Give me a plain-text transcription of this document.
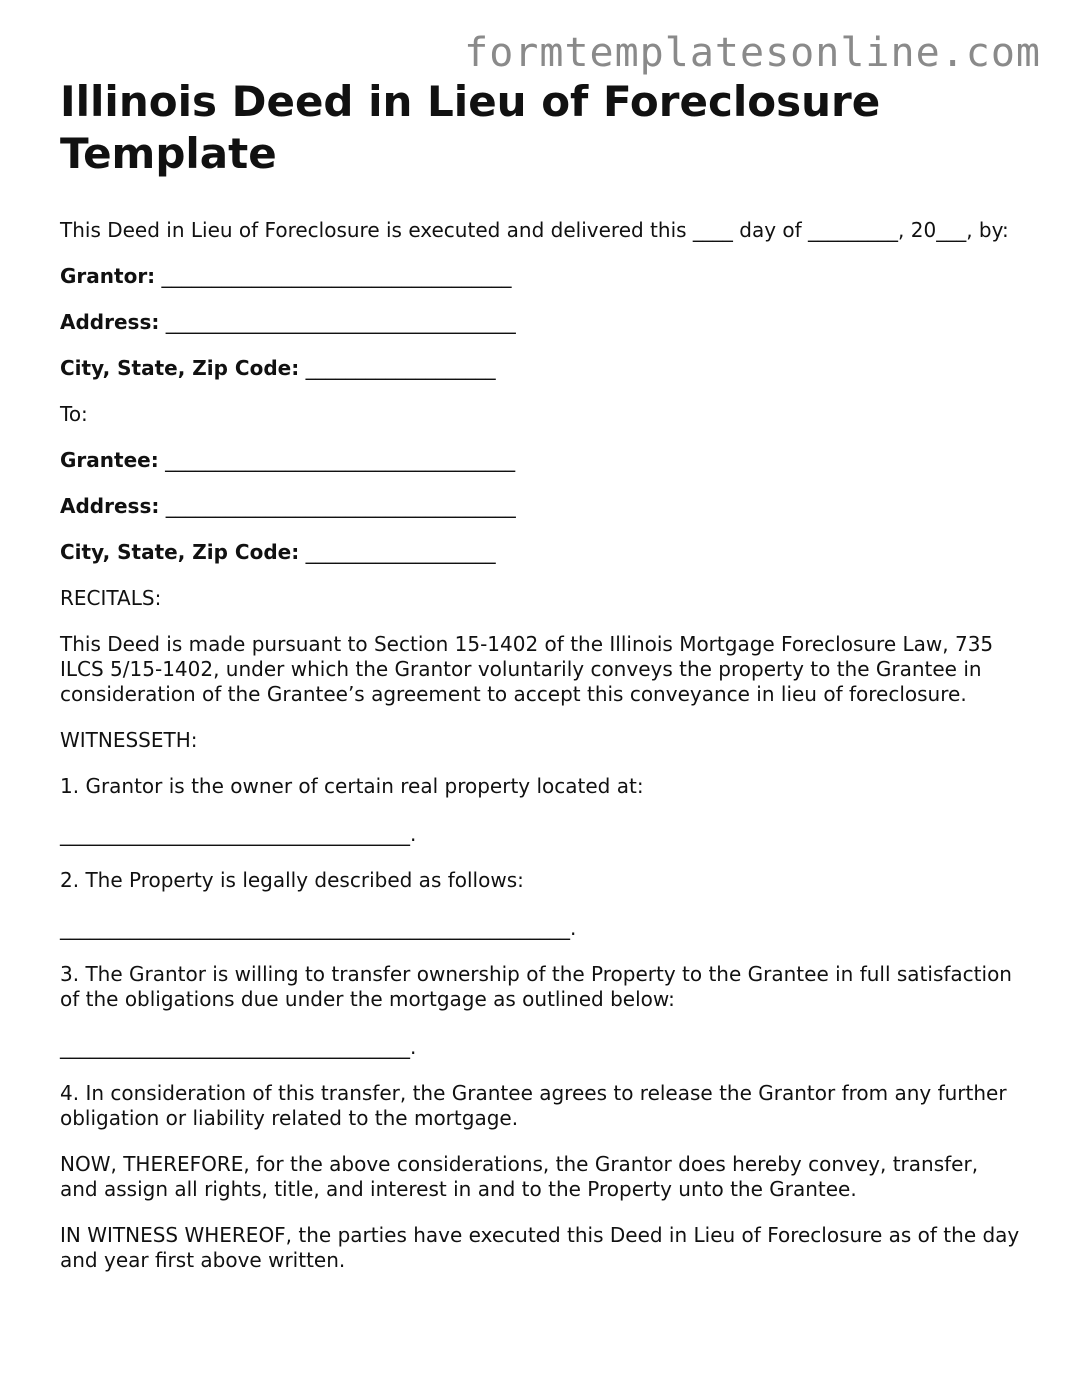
formtemplatesonline.com
Illinois Deed in Lieu of Foreclosure Template

This Deed in Lieu of Foreclosure is executed and delivered this ____ day of _________, 20___, by:

Grantor: ___________________________________

Address: ___________________________________

City, State, Zip Code: ___________________

To:

Grantee: ___________________________________

Address: ___________________________________

City, State, Zip Code: ___________________

RECITALS:

This Deed is made pursuant to Section 15-1402 of the Illinois Mortgage Foreclosure Law, 735 ILCS 5/15-1402, under which the Grantor voluntarily conveys the property to the Grantee in consideration of the Grantee’s agreement to accept this conveyance in lieu of foreclosure.

WITNESSETH:

1. Grantor is the owner of certain real property located at:

___________________________________.

2. The Property is legally described as follows:

___________________________________________________.

3. The Grantor is willing to transfer ownership of the Property to the Grantee in full satisfaction of the obligations due under the mortgage as outlined below:

___________________________________.

4. In consideration of this transfer, the Grantee agrees to release the Grantor from any further obligation or liability related to the mortgage.

NOW, THEREFORE, for the above considerations, the Grantor does hereby convey, transfer, and assign all rights, title, and interest in and to the Property unto the Grantee.

IN WITNESS WHEREOF, the parties have executed this Deed in Lieu of Foreclosure as of the day and year first above written.
